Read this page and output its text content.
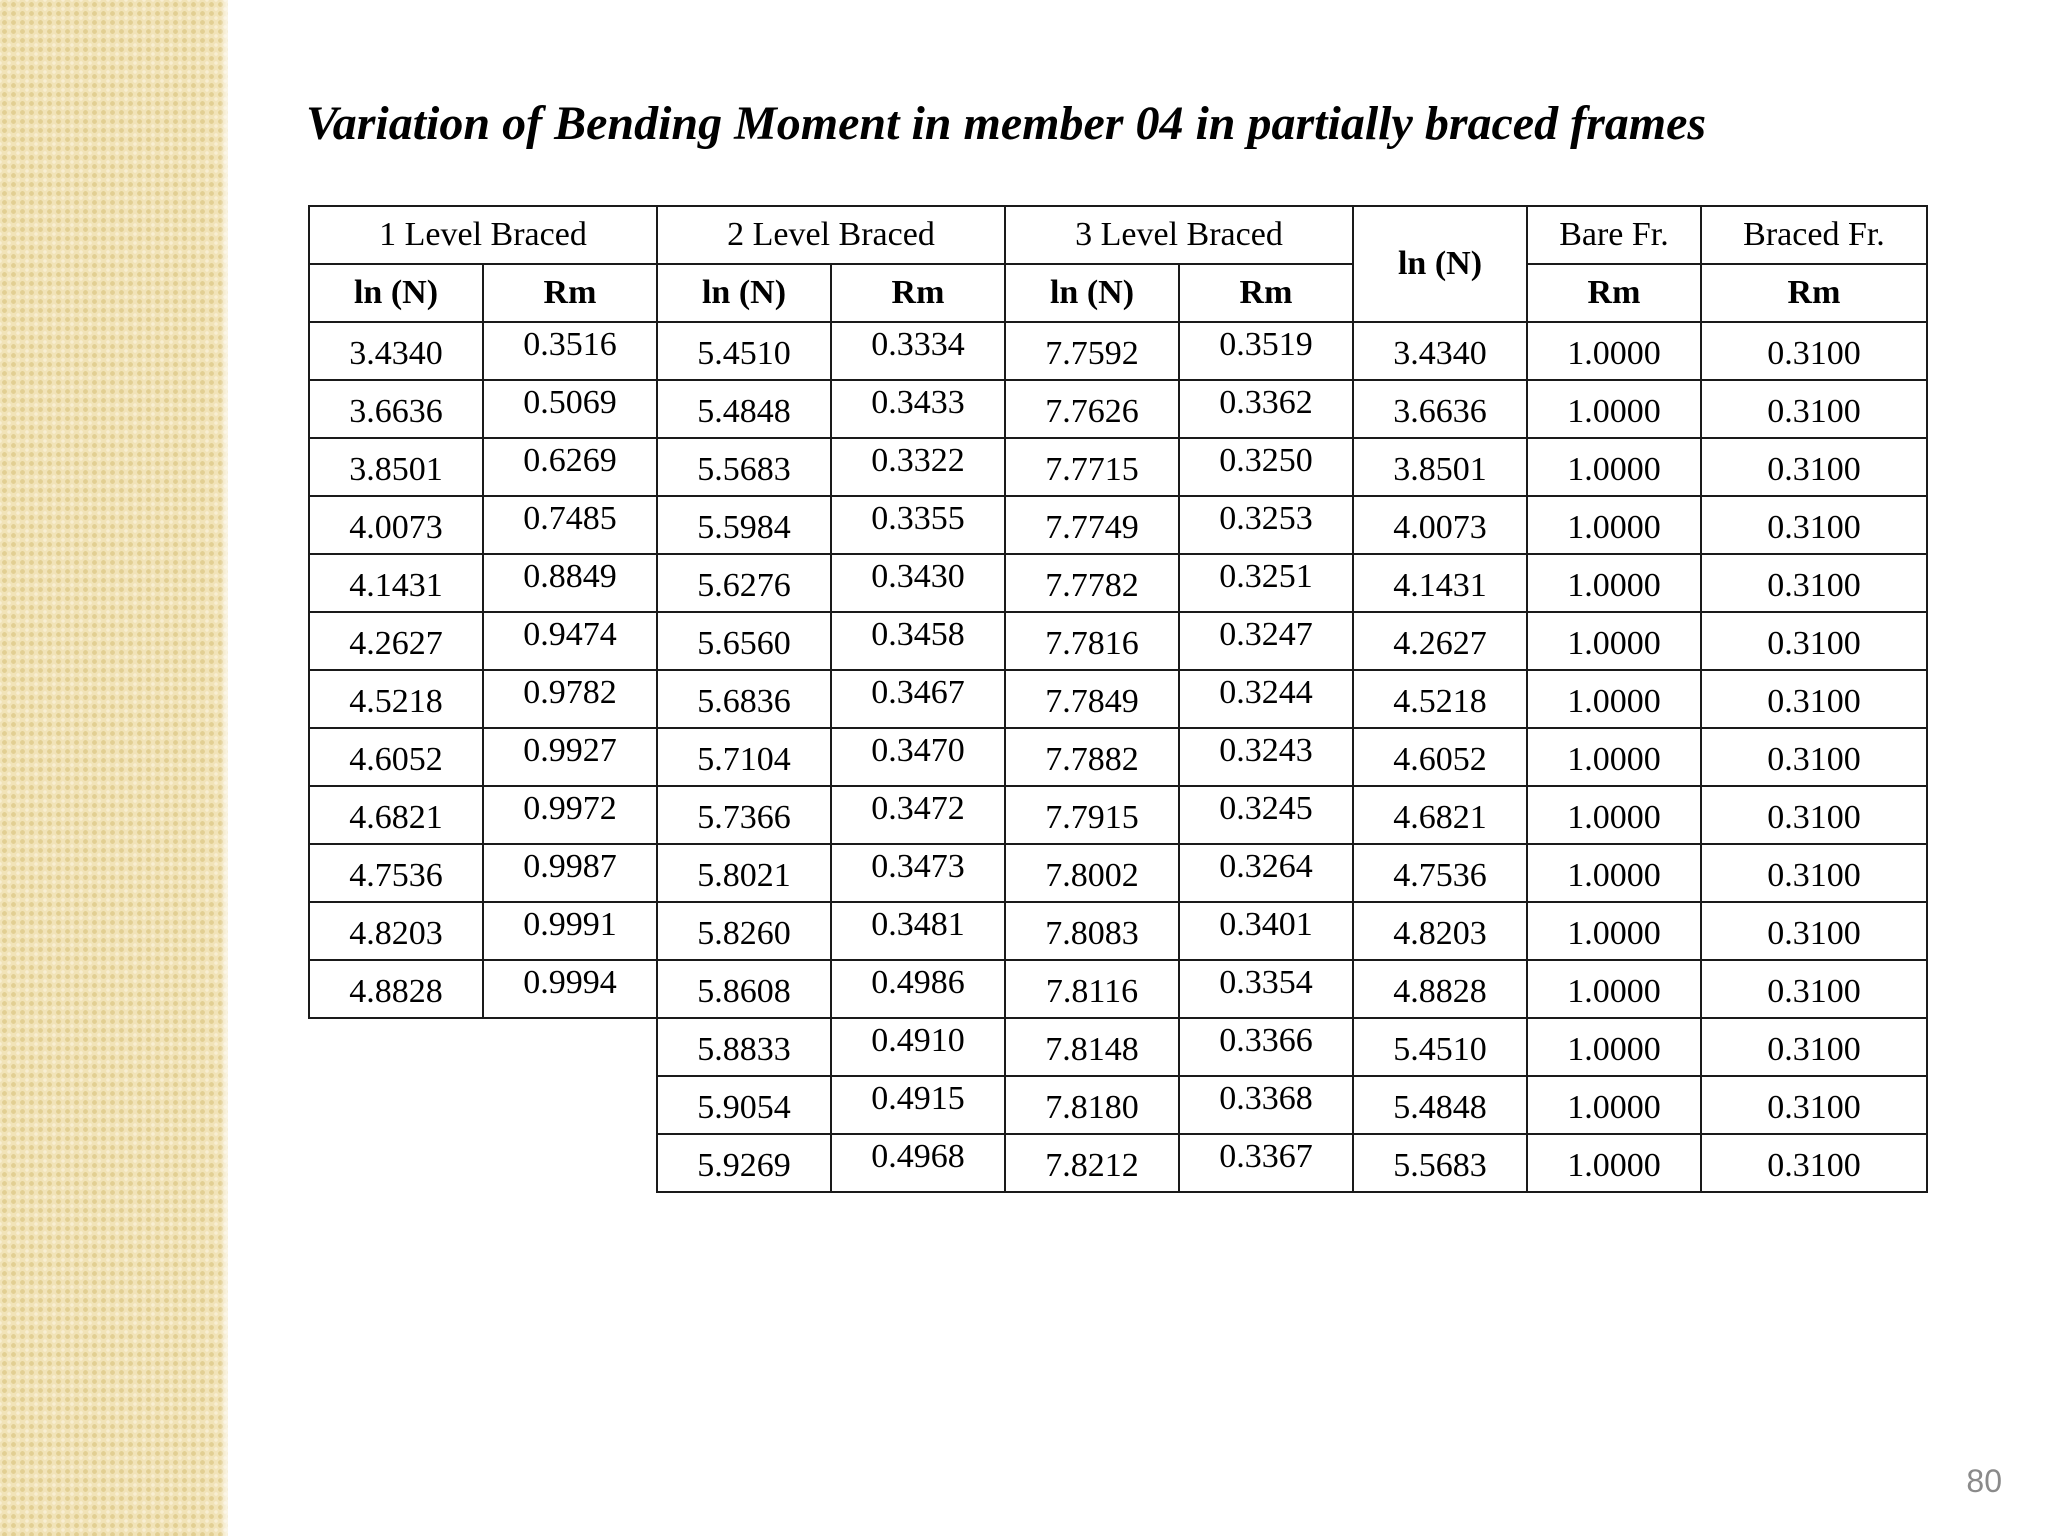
Variation of Bending Moment in member 04 in partially braced frames
1 Level Braced		2 Level Braced		3 Level Braced		ln (N)	Bare Fr.	Braced Fr.
ln (N)	Rm	ln (N)	Rm	ln (N)	Rm		Rm	Rm
3.4340	0.3516	5.4510	0.3334	7.7592	0.3519	3.4340	1.0000	0.3100
3.6636	0.5069	5.4848	0.3433	7.7626	0.3362	3.6636	1.0000	0.3100
3.8501	0.6269	5.5683	0.3322	7.7715	0.3250	3.8501	1.0000	0.3100
4.0073	0.7485	5.5984	0.3355	7.7749	0.3253	4.0073	1.0000	0.3100
4.1431	0.8849	5.6276	0.3430	7.7782	0.3251	4.1431	1.0000	0.3100
4.2627	0.9474	5.6560	0.3458	7.7816	0.3247	4.2627	1.0000	0.3100
4.5218	0.9782	5.6836	0.3467	7.7849	0.3244	4.5218	1.0000	0.3100
4.6052	0.9927	5.7104	0.3470	7.7882	0.3243	4.6052	1.0000	0.3100
4.6821	0.9972	5.7366	0.3472	7.7915	0.3245	4.6821	1.0000	0.3100
4.7536	0.9987	5.8021	0.3473	7.8002	0.3264	4.7536	1.0000	0.3100
4.8203	0.9991	5.8260	0.3481	7.8083	0.3401	4.8203	1.0000	0.3100
4.8828	0.9994	5.8608	0.4986	7.8116	0.3354	4.8828	1.0000	0.3100
		5.8833	0.4910	7.8148	0.3366	5.4510	1.0000	0.3100
		5.9054	0.4915	7.8180	0.3368	5.4848	1.0000	0.3100
		5.9269	0.4968	7.8212	0.3367	5.5683	1.0000	0.3100
80
